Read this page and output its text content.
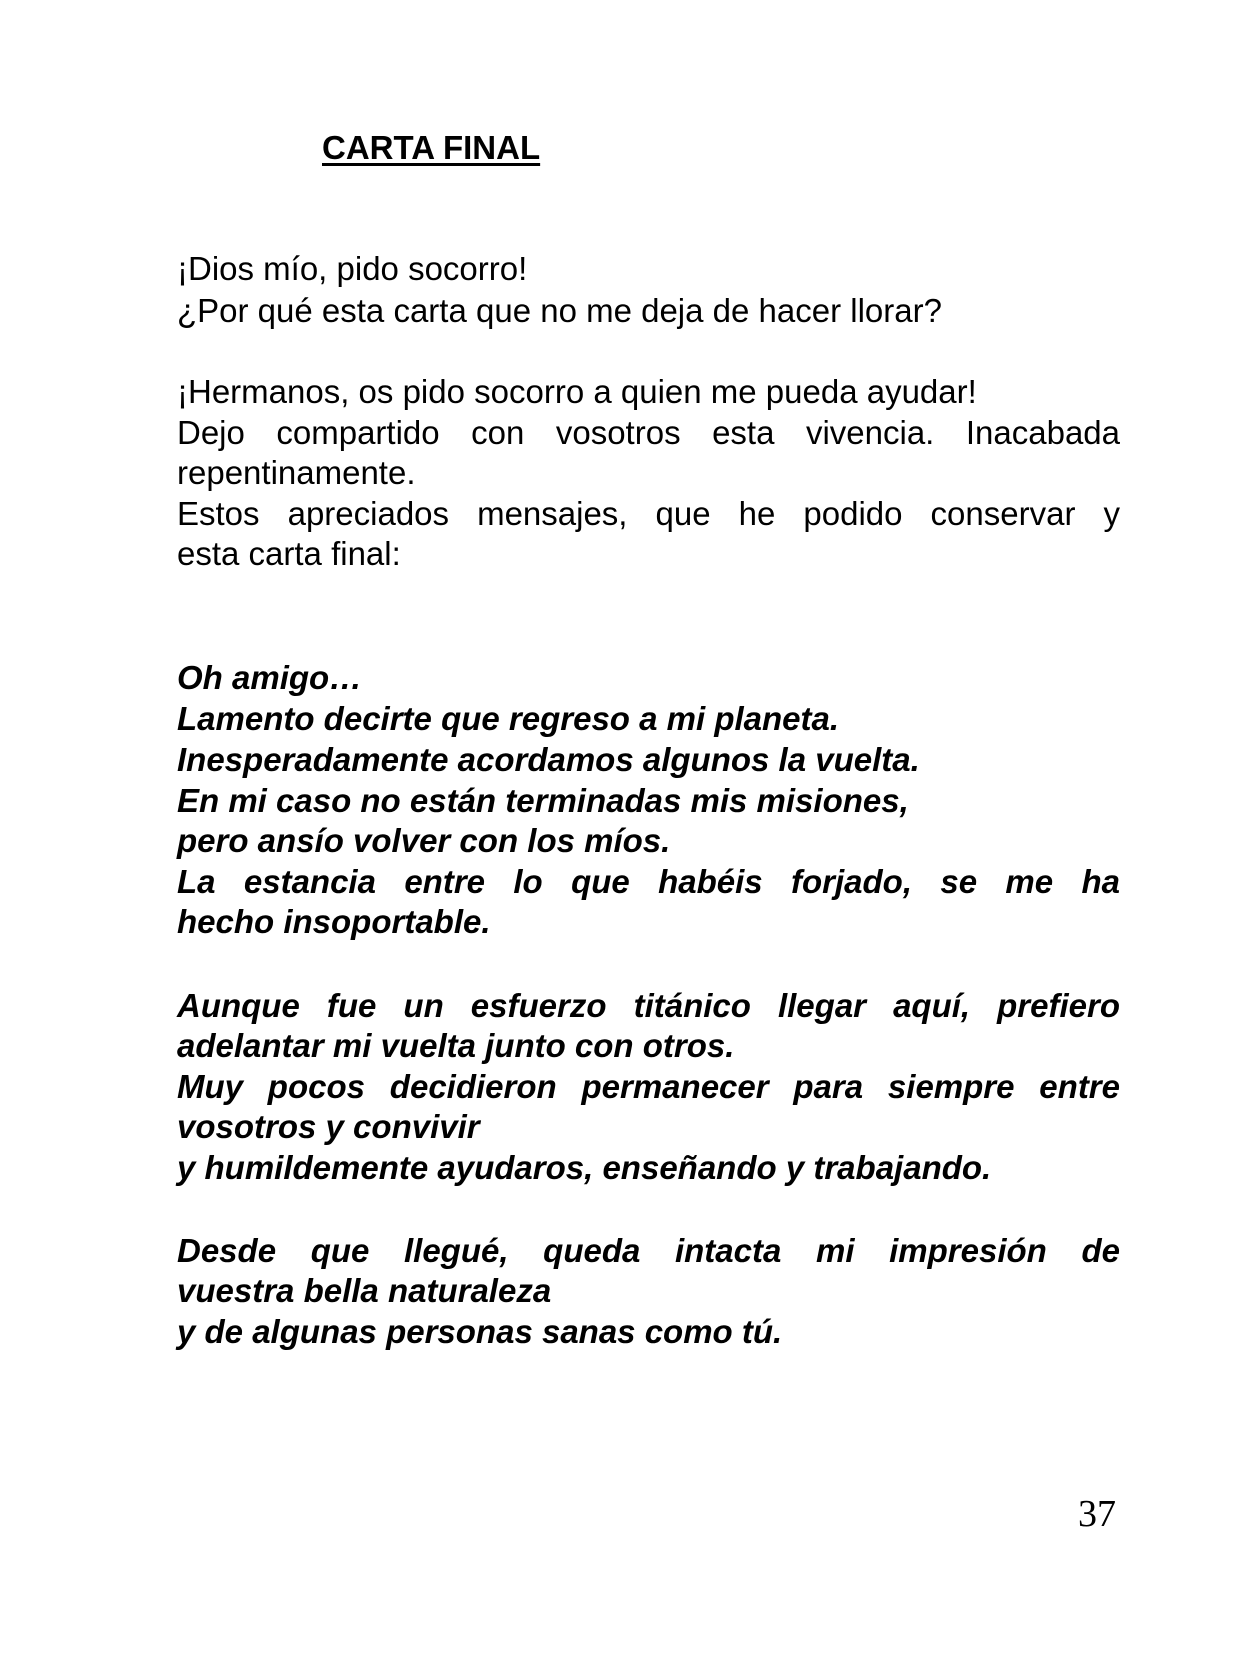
CARTA FINAL

¡Dios mío, pido socorro!

¿Por qué esta carta que no me deja de hacer llorar?

¡Hermanos, os pido socorro a quien me pueda ayudar!

Dejo compartido con vosotros esta vivencia. Inacabada

repentinamente.

Estos apreciados mensajes, que he podido conservar y

esta carta final:

Oh amigo…

Lamento decirte que regreso a mi planeta.

Inesperadamente acordamos algunos la vuelta.

En mi caso no están terminadas mis misiones,

pero ansío volver con los míos.

La estancia entre lo que habéis forjado, se me ha

hecho insoportable.

Aunque fue un esfuerzo titánico llegar aquí, prefiero

adelantar mi vuelta junto con otros.

Muy pocos decidieron permanecer para siempre entre

vosotros y convivir

y humildemente ayudaros, enseñando y trabajando.

Desde que llegué, queda intacta mi impresión de

vuestra bella naturaleza

y de algunas personas sanas como tú.

37
